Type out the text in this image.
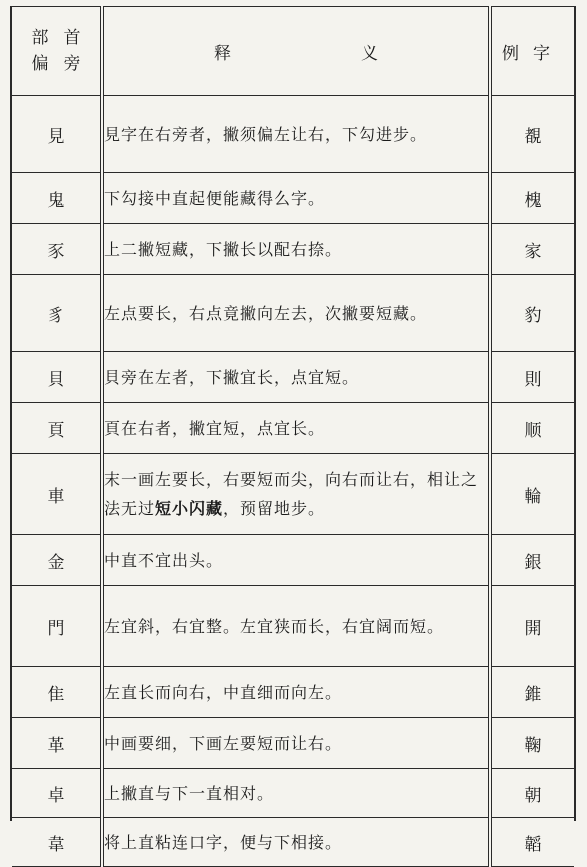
部 首
偏 旁	释 义	例字
見	見字在右旁者，撇须偏左让右，下勾进步。	覩
鬼	下勾接中直起便能藏得么字。	槐
豕	上二撇短藏，下撇长以配右捺。	家
豸	左点要长，右点竟撇向左去，次撇要短藏。	豹
貝	貝旁在左者，下撇宜长，点宜短。	則
頁	頁在右者，撇宜短，点宜长。	顺
車	末一画左要长，右要短而尖，向右而让右，相让之法无过短小闪藏，预留地步。	輪
金	中直不宜出头。	銀
門	左宜斜，右宜整。左宜狭而长，右宜阔而短。	開
隹	左直长而向右，中直细而向左。	錐
革	中画要细，下画左要短而让右。	鞠
卓	上撇直与下一直相对。	朝
韋	将上直粘连口字，便与下相接。	韜
